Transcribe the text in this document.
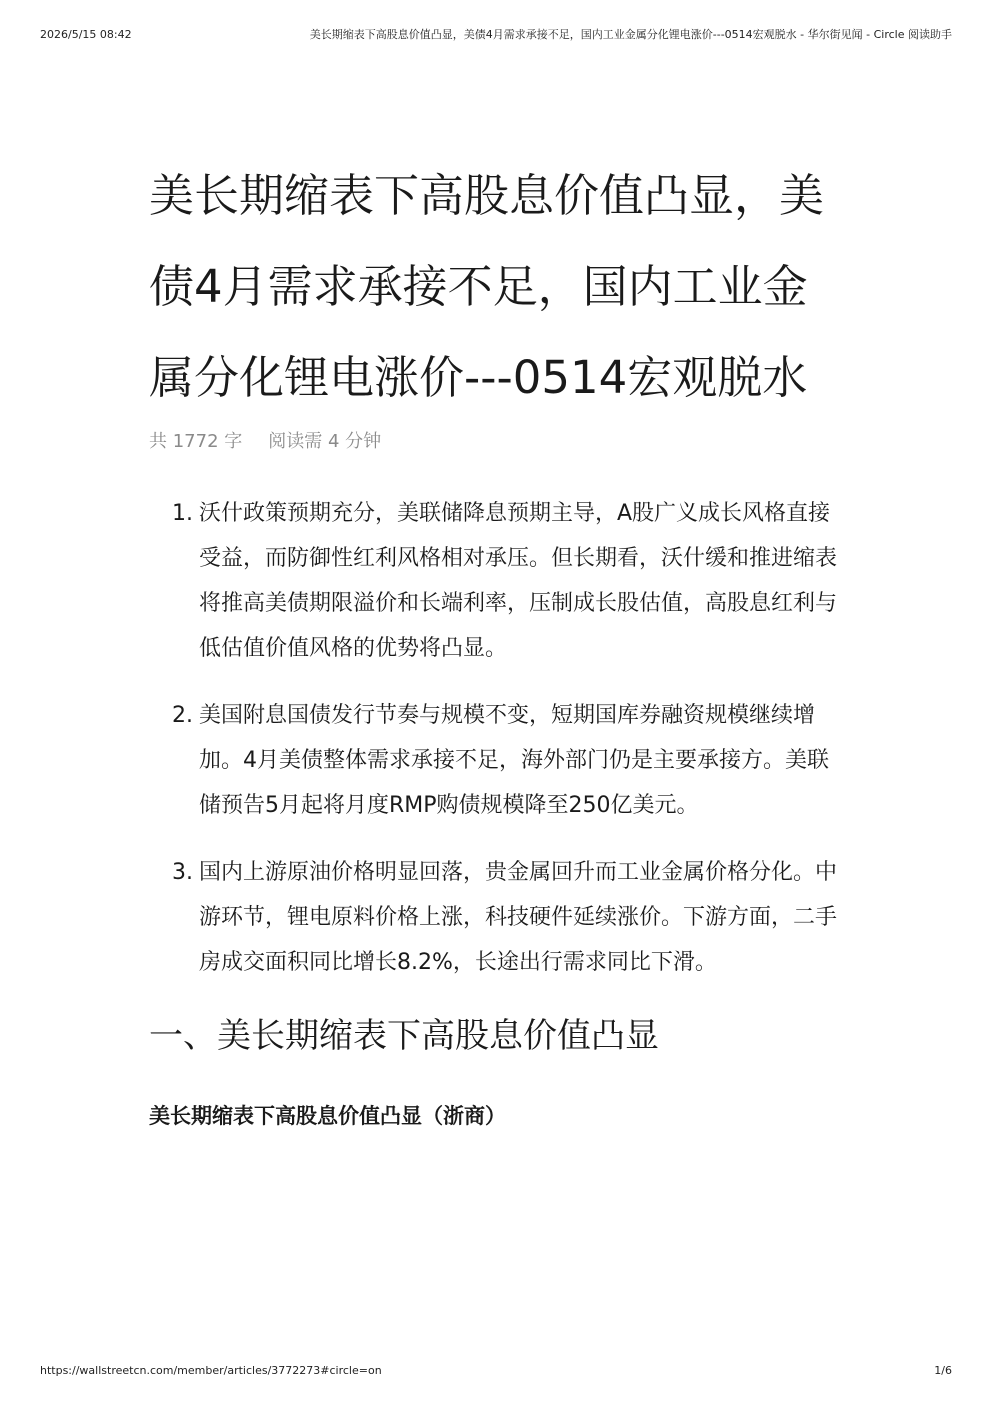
2026/5/15 08:42	美长期缩表下高股息价值凸显，美债4月需求承接不足，国内工业金属分化锂电涨价---0514宏观脱水 - 华尔街见闻 - Circle 阅读助手
美长期缩表下高股息价值凸显，美债4月需求承接不足，国内工业金属分化锂电涨价---0514宏观脱水
共 1772 字 阅读需 4 分钟
1. 沃什政策预期充分，美联储降息预期主导，A股广义成长风格直接受益，而防御性红利风格相对承压。但长期看，沃什缓和推进缩表将推高美债期限溢价和长端利率，压制成长股估值，高股息红利与低估值价值风格的优势将凸显。
2. 美国附息国债发行节奏与规模不变，短期国库券融资规模继续增加。4月美债整体需求承接不足，海外部门仍是主要承接方。美联储预告5月起将月度RMP购债规模降至250亿美元。
3. 国内上游原油价格明显回落，贵金属回升而工业金属价格分化。中游环节，锂电原料价格上涨，科技硬件延续涨价。下游方面，二手房成交面积同比增长8.2%，长途出行需求同比下滑。
一、美长期缩表下高股息价值凸显
美长期缩表下高股息价值凸显（浙商）
https://wallstreetcn.com/member/articles/3772273#circle=on	1/6
